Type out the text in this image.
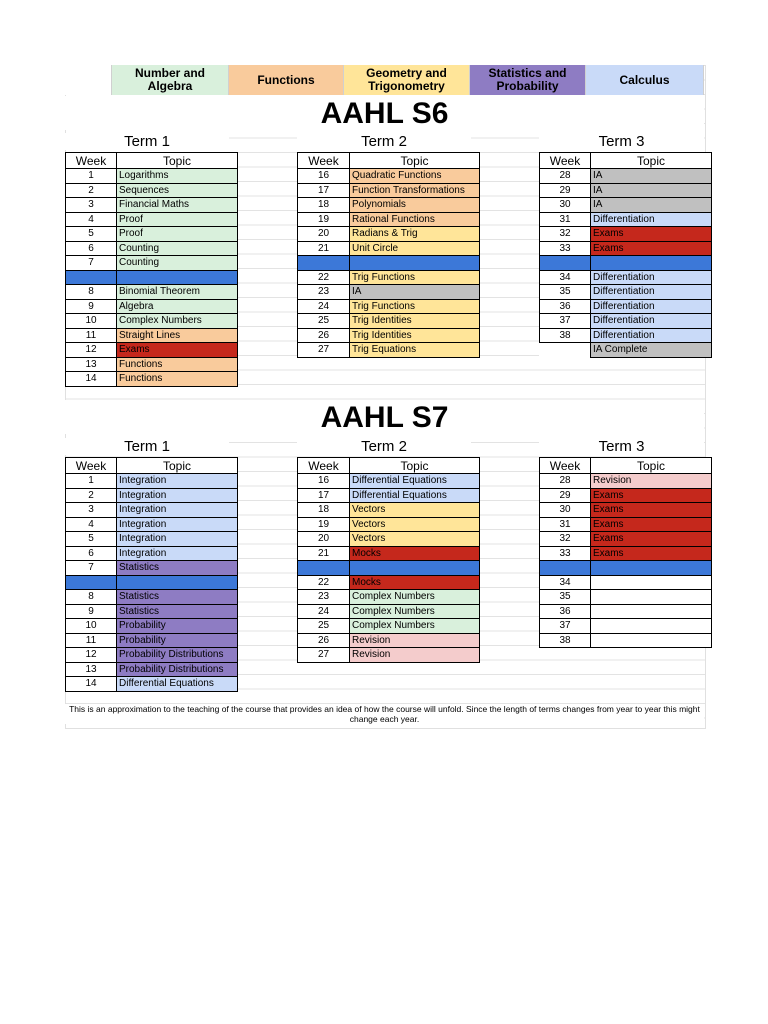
Number and Algebra	Functions	Geometry and Trigonometry
Statistics and Probability	Calculus
AAHL S6
Term 1	Term 2	Term 3
Week	Topic
1	Logarithms
2	Sequences
3	Financial Maths
4	Proof
5	Proof
6	Counting
7	Counting

8	Binomial Theorem
9	Algebra
10	Complex Numbers
11	Straight Lines
12	Exams
13	Functions
14	Functions
Week	Topic
16	Quadratic Functions
17	Function Transformations
18	Polynomials
19	Rational Functions
20	Radians & Trig
21	Unit Circle

22	Trig Functions
23	IA
24	Trig Functions
25	Trig Identities
26	Trig Identities
27	Trig Equations
Week	Topic
28	IA
29	IA
30	IA
31	Differentiation
32	Exams
33	Exams

34	Differentiation
35	Differentiation
36	Differentiation
37	Differentiation
38	Differentiation
	IA Complete
AAHL S7
Term 1	Term 2	Term 3
Week	Topic
1	Integration
2	Integration
3	Integration
4	Integration
5	Integration
6	Integration
7	Statistics

8	Statistics
9	Statistics
10	Probability
11	Probability
12	Probability Distributions
13	Probability Distributions
14	Differential Equations
Week	Topic
16	Differential Equations
17	Differential Equations
18	Vectors
19	Vectors
20	Vectors
21	Mocks

22	Mocks
23	Complex Numbers
24	Complex Numbers
25	Complex Numbers
26	Revision
27	Revision
Week	Topic
28	Revision
29	Exams
30	Exams
31	Exams
32	Exams
33	Exams

34	
35	
36	
37	
38	
This is an approximation to the teaching of the course that provides an idea of how the course will unfold. Since the length of terms changes from year to year this might change each year.
